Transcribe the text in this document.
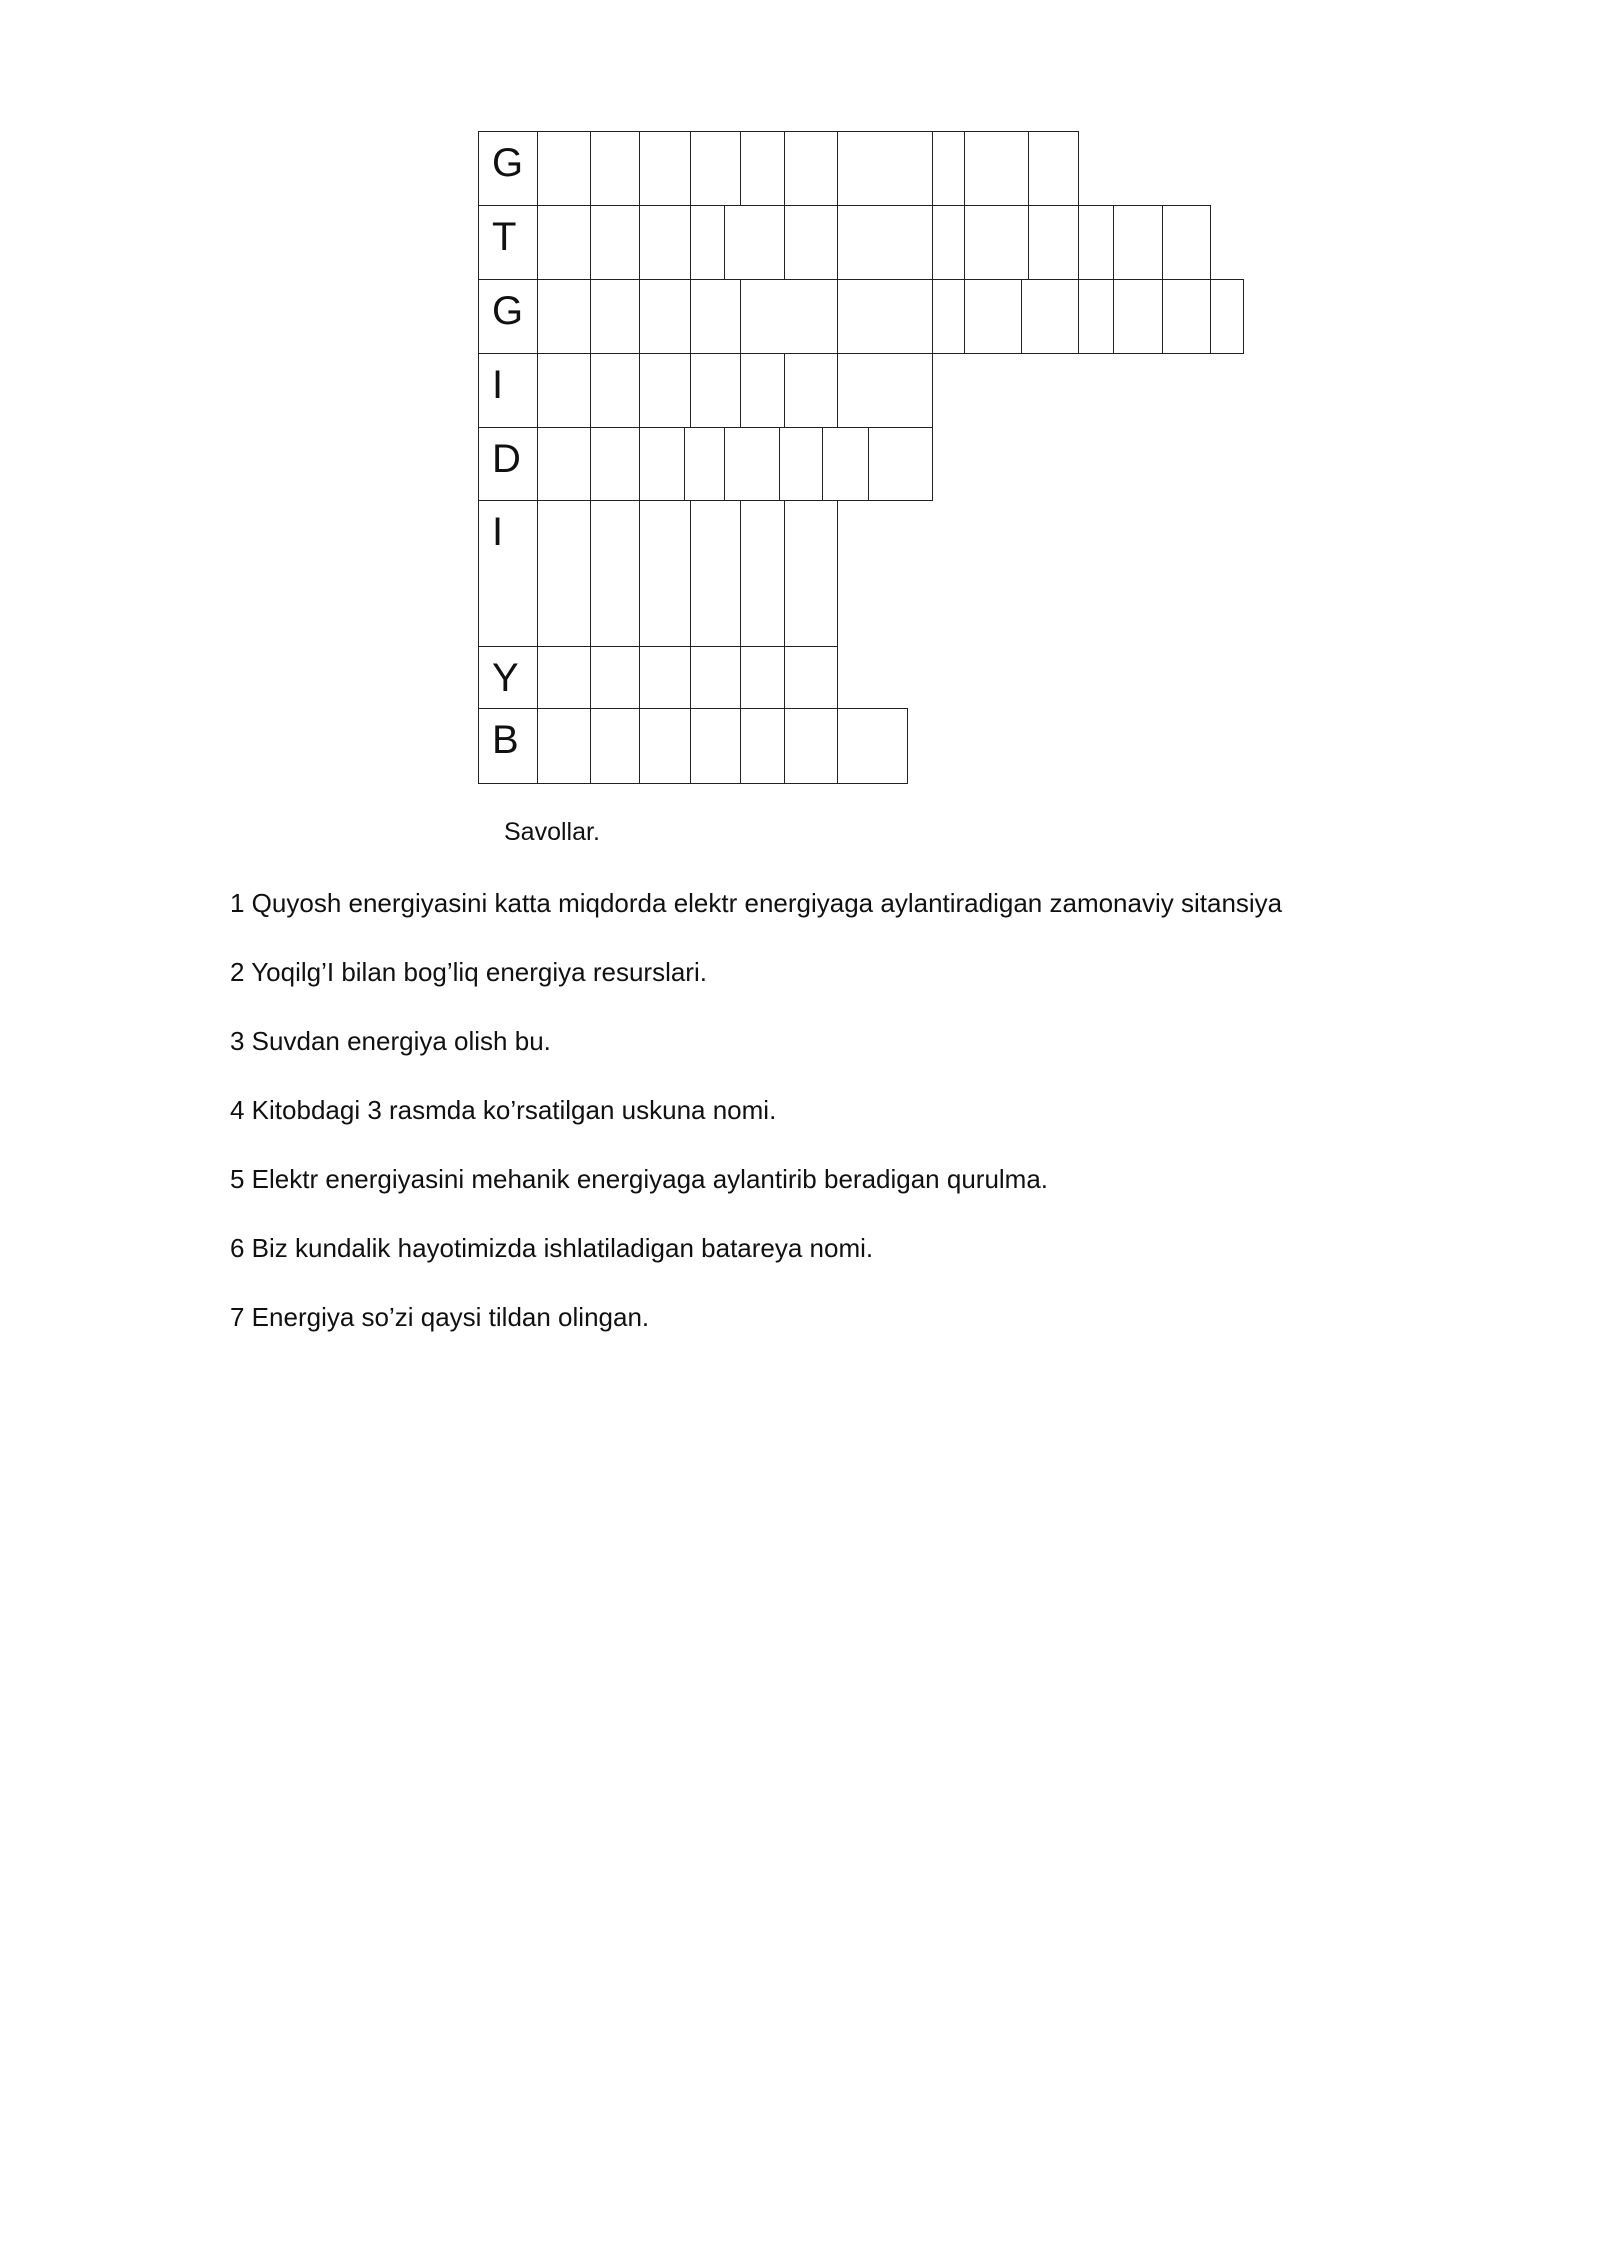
G
T
G
I
D
I
Y
B
Savollar.
1 Quyosh energiyasini katta miqdorda elektr energiyaga aylantiradigan zamonaviy sitansiya
2 Yoqilg’I bilan bog’liq energiya resurslari.
3 Suvdan energiya olish bu.
4 Kitobdagi 3 rasmda ko’rsatilgan uskuna nomi.
5 Elektr energiyasini mehanik energiyaga aylantirib beradigan qurulma.
6 Biz kundalik hayotimizda ishlatiladigan batareya nomi.
7 Energiya so’zi qaysi tildan olingan.
